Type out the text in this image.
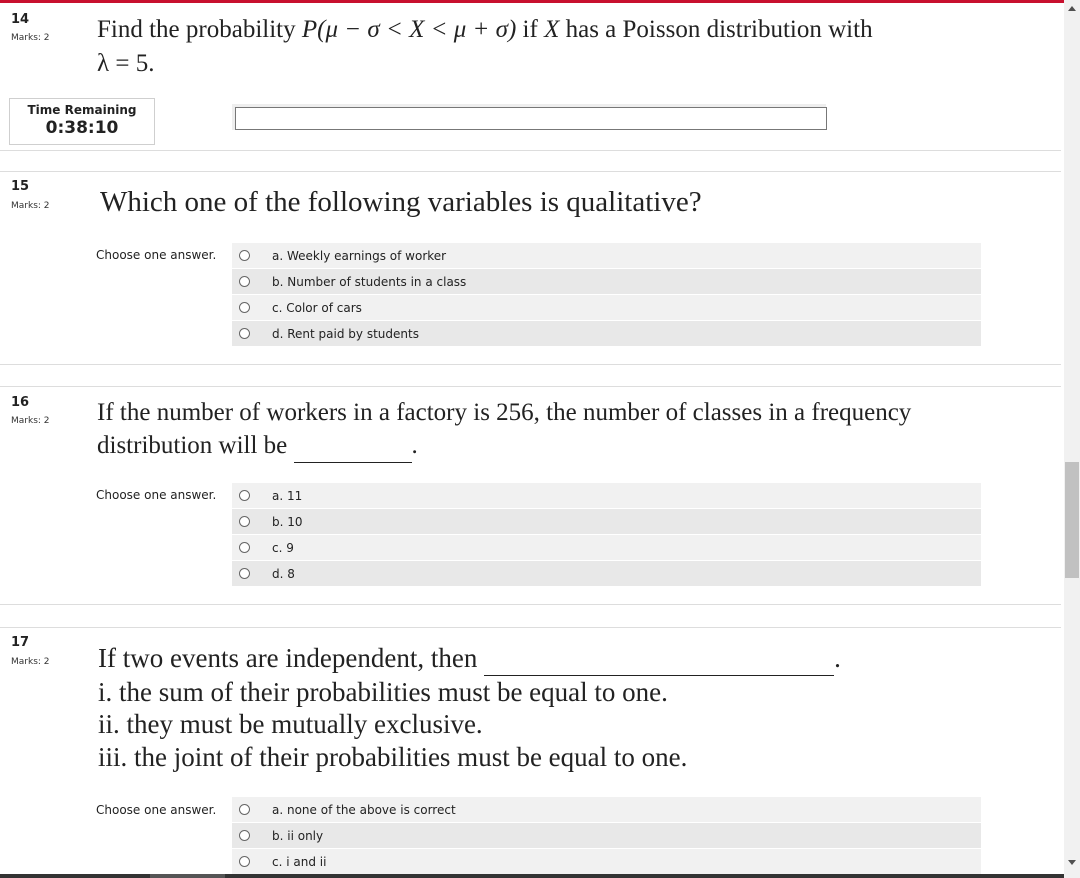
14
Marks: 2 Find the probability P(μ − σ < X < μ + σ) if X has a Poisson distribution with
λ = 5.
Time Remaining
0:38:10
15
Marks: 2 Which one of the following variables is qualitative?
Choose one answer.	a. Weekly earnings of worker
b. Number of students in a class
c. Color of cars
d. Rent paid by students
16
Marks: 2 If the number of workers in a factory is 256, the number of classes in a frequency
distribution will be	.
Choose one answer.	a. 11
b. 10
c. 9
d. 8
17
Marks: 2 If two events are independent, then	.
i. the sum of their probabilities must be equal to one.
ii. they must be mutually exclusive.
iii. the joint of their probabilities must be equal to one.
Choose one answer.	a. none of the above is correct
b. ii only
c. i and ii
